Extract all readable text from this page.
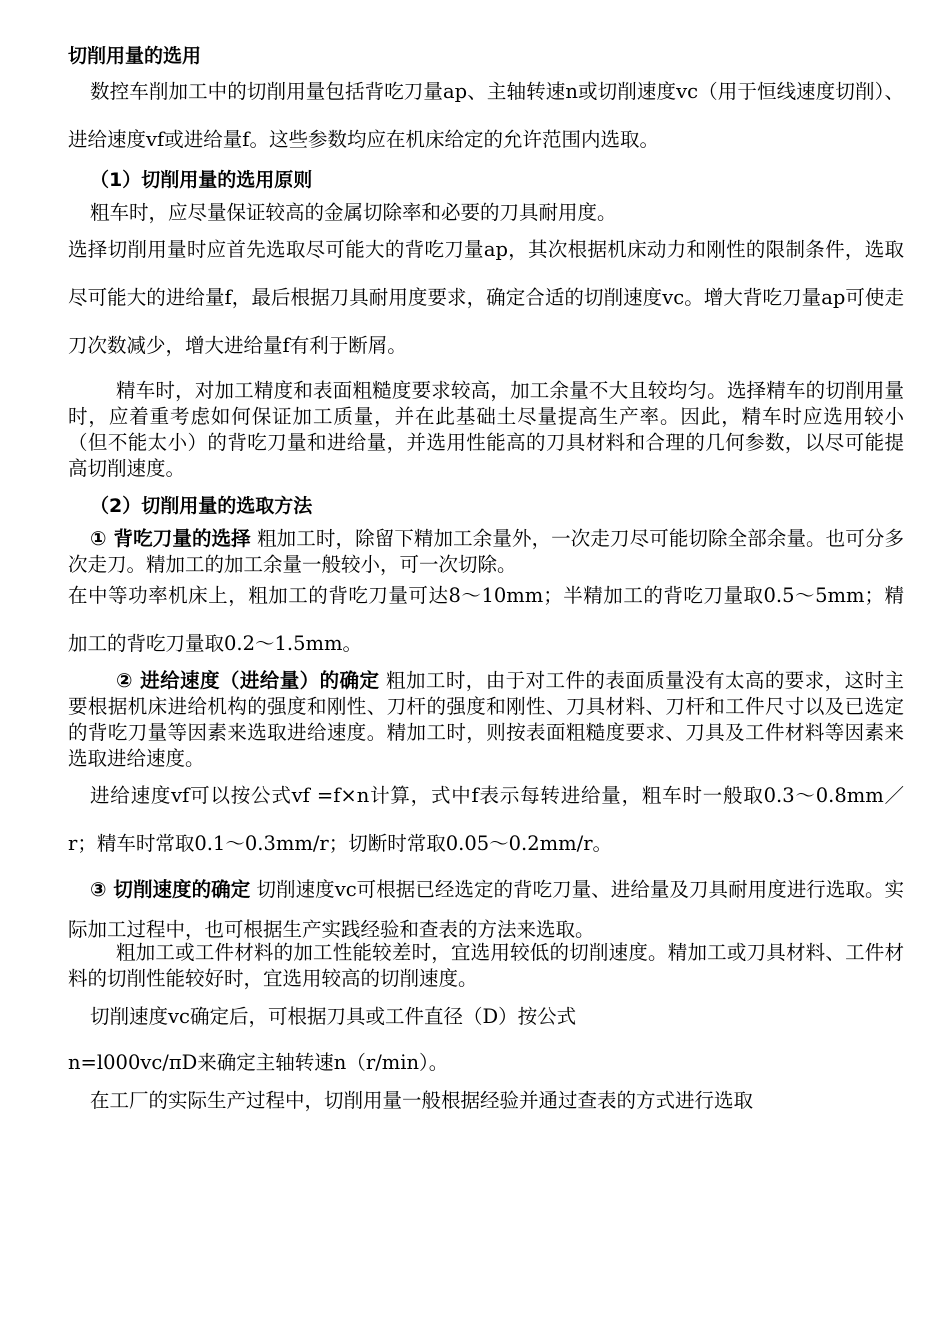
切削用量的选用

数控车削加工中的切削用量包括背吃刀量ap、主轴转速n或切削速度vc（用于恒线速度切削）、进给速度vf或进给量f。这些参数均应在机床给定的允许范围内选取。

（1）切削用量的选用原则

粗车时，应尽量保证较高的金属切除率和必要的刀具耐用度。

选择切削用量时应首先选取尽可能大的背吃刀量ap，其次根据机床动力和刚性的限制条件，选取尽可能大的进给量f，最后根据刀具耐用度要求，确定合适的切削速度vc。增大背吃刀量ap可使走刀次数减少，增大进给量f有利于断屑。

精车时，对加工精度和表面粗糙度要求较高，加工余量不大且较均匀。选择精车的切削用量时，应着重考虑如何保证加工质量，并在此基础土尽量提高生产率。因此，精车时应选用较小（但不能太小）的背吃刀量和进给量，并选用性能高的刀具材料和合理的几何参数，以尽可能提高切削速度。

（2）切削用量的选取方法

① 背吃刀量的选择 粗加工时，除留下精加工余量外，一次走刀尽可能切除全部余量。也可分多次走刀。精加工的加工余量一般较小，可一次切除。

在中等功率机床上，粗加工的背吃刀量可达8～10mm；半精加工的背吃刀量取0.5～5mm；精加工的背吃刀量取0.2～1.5mm。

② 进给速度（进给量）的确定 粗加工时，由于对工件的表面质量没有太高的要求，这时主要根据机床进给机构的强度和刚性、刀杆的强度和刚性、刀具材料、刀杆和工件尺寸以及已选定的背吃刀量等因素来选取进给速度。精加工时，则按表面粗糙度要求、刀具及工件材料等因素来选取进给速度。

进给速度vf可以按公式vf =f×n计算，式中f表示每转进给量，粗车时一般取0.3～0.8mm／r；精车时常取0.1～0.3mm/r；切断时常取0.05～0.2mm/r。

③ 切削速度的确定 切削速度vc可根据已经选定的背吃刀量、进给量及刀具耐用度进行选取。实际加工过程中，也可根据生产实践经验和查表的方法来选取。

粗加工或工件材料的加工性能较差时，宜选用较低的切削速度。精加工或刀具材料、工件材料的切削性能较好时，宜选用较高的切削速度。

切削速度vc确定后，可根据刀具或工件直径（D）按公式

n=l000vc/πD来确定主轴转速n（r/min）。

在工厂的实际生产过程中，切削用量一般根据经验并通过查表的方式进行选取
